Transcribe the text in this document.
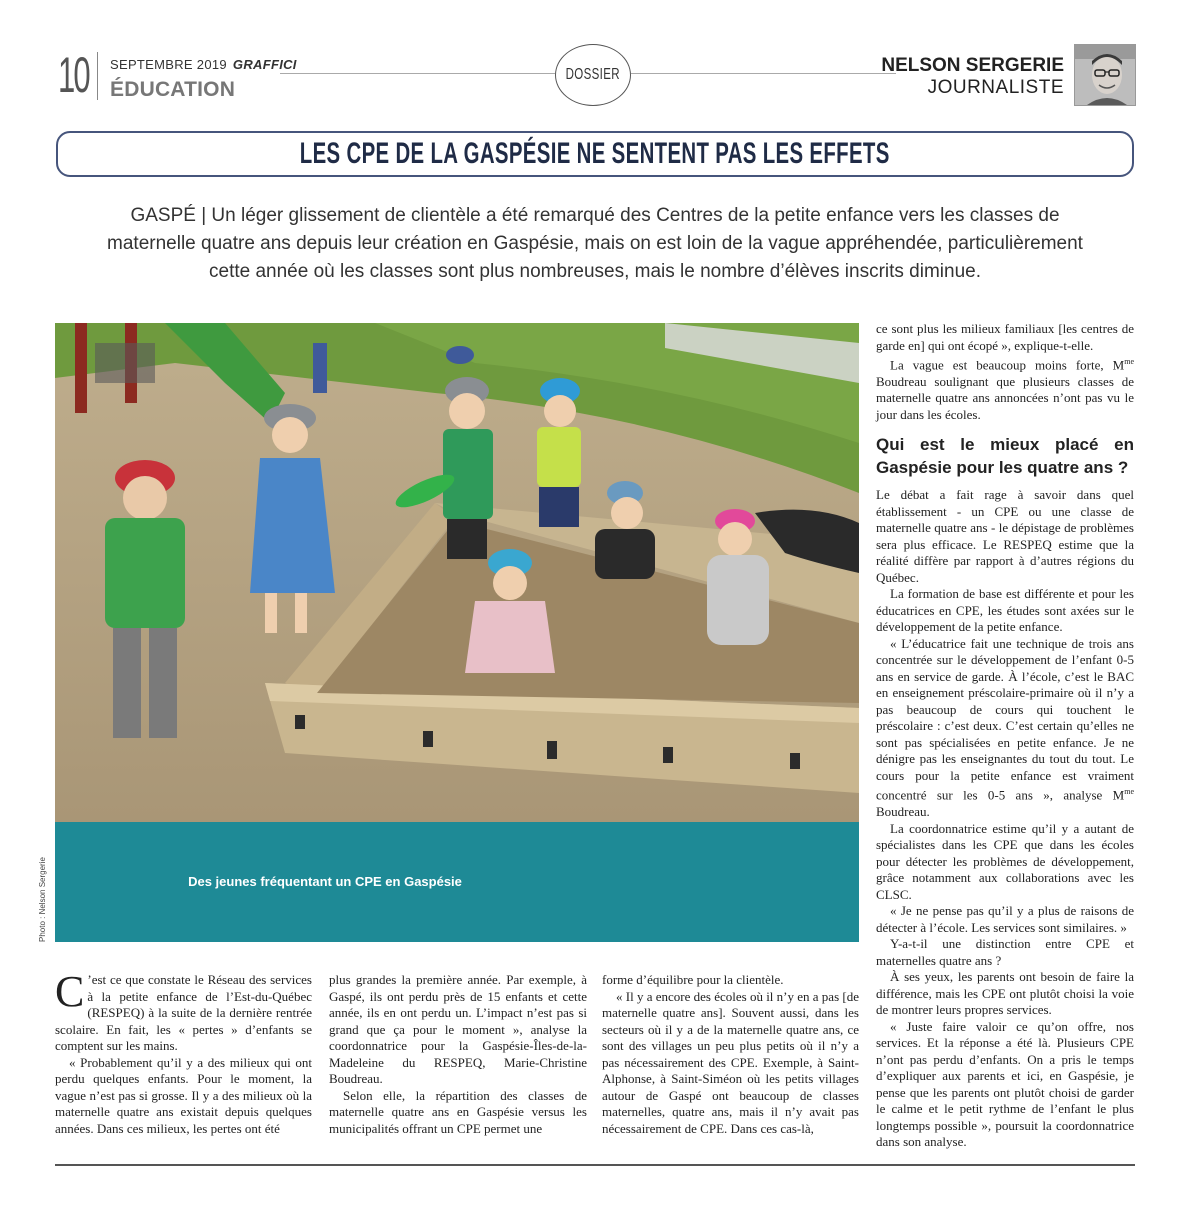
10 SEPTEMBRE 2019 GRAFFICI
ÉDUCATION
DOSSIER	NELSON SERGERIE
JOURNALISTE
LES CPE DE LA GASPÉSIE NE SENTENT PAS LES EFFETS
GASPÉ | Un léger glissement de clientèle a été remarqué des Centres de la petite enfance vers les classes de maternelle quatre ans depuis leur création en Gaspésie, mais on est loin de la vague appréhendée, particulièrement cette année où les classes sont plus nombreuses, mais le nombre d’élèves inscrits diminue.
Des jeunes fréquentant un CPE en Gaspésie
Photo : Nelson Sergerie

C ’est ce que constate le Réseau des services à la petite enfance de l’Est-du-Québec (RESPEQ) à la suite de la dernière rentrée scolaire. En fait, les « pertes » d’enfants se comptent sur les mains.

« Probablement qu’il y a des milieux qui ont perdu quelques enfants. Pour le moment, la vague n’est pas si grosse. Il y a des milieux où la maternelle quatre ans existait depuis quelques années. Dans ces milieux, les pertes ont été

plus grandes la première année. Par exemple, à Gaspé, ils ont perdu près de 15 enfants et cette année, ils en ont perdu un. L’impact n’est pas si grand que ça pour le moment », analyse la coordonnatrice pour la Gaspésie-Îles-de-la-Madeleine du RESPEQ, Marie-Christine Boudreau.

Selon elle, la répartition des classes de maternelle quatre ans en Gaspésie versus les municipalités offrant un CPE permet une

forme d’équilibre pour la clientèle.

« Il y a encore des écoles où il n’y en a pas [de maternelle quatre ans]. Souvent aussi, dans les secteurs où il y a de la maternelle quatre ans, ce sont des villages un peu plus petits où il n’y a pas nécessairement des CPE. Exemple, à Saint-Alphonse, à Saint-Siméon où les petits villages autour de Gaspé ont beaucoup de classes maternelles, quatre ans, mais il n’y avait pas nécessairement de CPE. Dans ces cas-là,

ce sont plus les milieux familiaux [les centres de garde en] qui ont écopé », explique-t-elle.

La vague est beaucoup moins forte, $M^{me}$ Boudreau soulignant que plusieurs classes de maternelle quatre ans annoncées n’ont pas vu le jour dans les écoles.

Qui est le mieux placé en Gaspésie pour les quatre ans ?

Le débat a fait rage à savoir dans quel établissement - un CPE ou une classe de maternelle quatre ans - le dépistage de problèmes sera plus efficace. Le RESPEQ estime que la réalité diffère par rapport à d’autres régions du Québec.

La formation de base est différente et pour les éducatrices en CPE, les études sont axées sur le développement de la petite enfance.

« L’éducatrice fait une technique de trois ans concentrée sur le développement de l’enfant 0-5 ans en service de garde. À l’école, c’est le BAC en enseignement préscolaire-primaire où il n’y a pas beaucoup de cours qui touchent le préscolaire : c’est deux. C’est certain qu’elles ne sont pas spécialisées en petite enfance. Je ne dénigre pas les enseignantes du tout du tout. Le cours pour la petite enfance est vraiment concentré sur les 0-5 ans », analyse $M^{me}$ Boudreau.

La coordonnatrice estime qu’il y a autant de spécialistes dans les CPE que dans les écoles pour détecter les problèmes de développement, grâce notamment aux collaborations avec les CLSC.

« Je ne pense pas qu’il y a plus de raisons de détecter à l’école. Les services sont similaires. »

Y-a-t-il une distinction entre CPE et maternelles quatre ans ?

À ses yeux, les parents ont besoin de faire la différence, mais les CPE ont plutôt choisi la voie de montrer leurs propres services.

« Juste faire valoir ce qu’on offre, nos services. Et la réponse a été là. Plusieurs CPE n’ont pas perdu d’enfants. On a pris le temps d’expliquer aux parents et ici, en Gaspésie, je pense que les parents ont plutôt choisi de garder le calme et le petit rythme de l’enfant le plus longtemps possible », poursuit la coordonnatrice dans son analyse.
